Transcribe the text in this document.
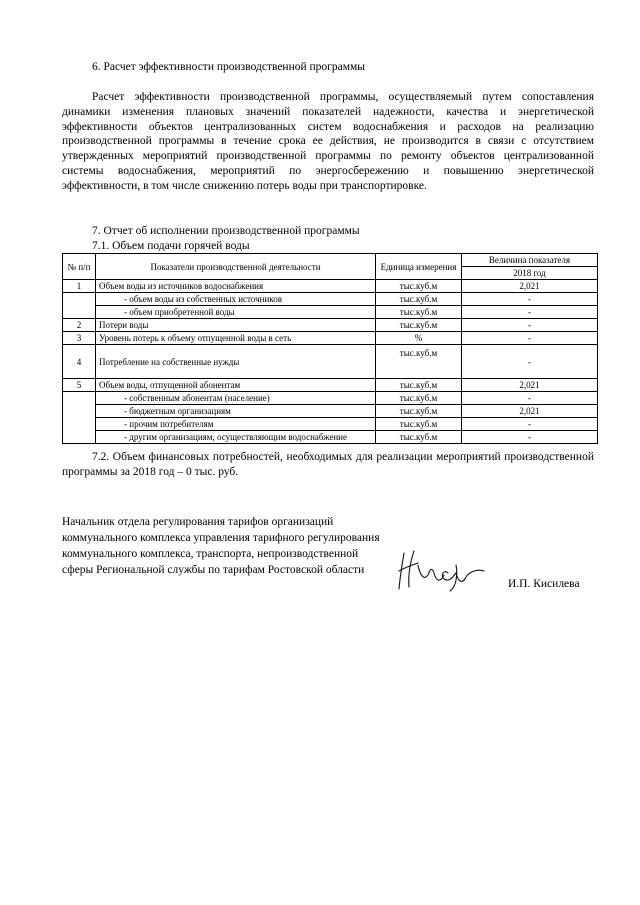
6. Расчет эффективности производственной программы

Расчет эффективности производственной программы, осуществляемый путем сопоставления динамики изменения плановых значений показателей надежности, качества и энергетической эффективности объектов централизованных систем водоснабжения и расходов на реализацию производственной программы в течение срока ее действия, не производится в связи с отсутствием утвержденных мероприятий производственной программы по ремонту объектов централизованной системы водоснабжения, мероприятий по энергосбережению и повышению энергетической эффективности, в том числе снижению потерь воды при транспортировке.

7. Отчет об исполнении производственной программы
7.1. Объем подачи горячей воды
№ п/п	Показатели производственной деятельности	Единица измерения	Величина показателя
			2018 год
1	Объем воды из источников водоснабжения	тыс.куб.м	2,021
	- объем воды из собственных источников	тыс.куб.м	-
	- объем приобретенной воды	тыс.куб.м	-
2	Потери воды	тыс.куб.м	-
3	Уровень потерь к объему отпущенной воды в сеть	%	-
4	Потребление на собственные нужды	тыс.куб.м	-
5	Объем воды, отпущенной абонентам	тыс.куб.м	2,021
	- собственным абонентам (население)	тыс.куб.м	-
	- бюджетным организациям	тыс.куб.м	2,021
	- прочим потребителям	тыс.куб.м	-
	- другим организациям, осуществляющим водоснабжение	тыс.куб.м	-

7.2. Объем финансовых потребностей, необходимых для реализации мероприятий производственной программы за 2018 год – 0 тыс. руб.

Начальник отдела регулирования тарифов организаций коммунального комплекса управления тарифного регулирования коммунального комплекса, транспорта, непроизводственной сферы Региональной службы по тарифам Ростовской области

И.П. Кисилева
